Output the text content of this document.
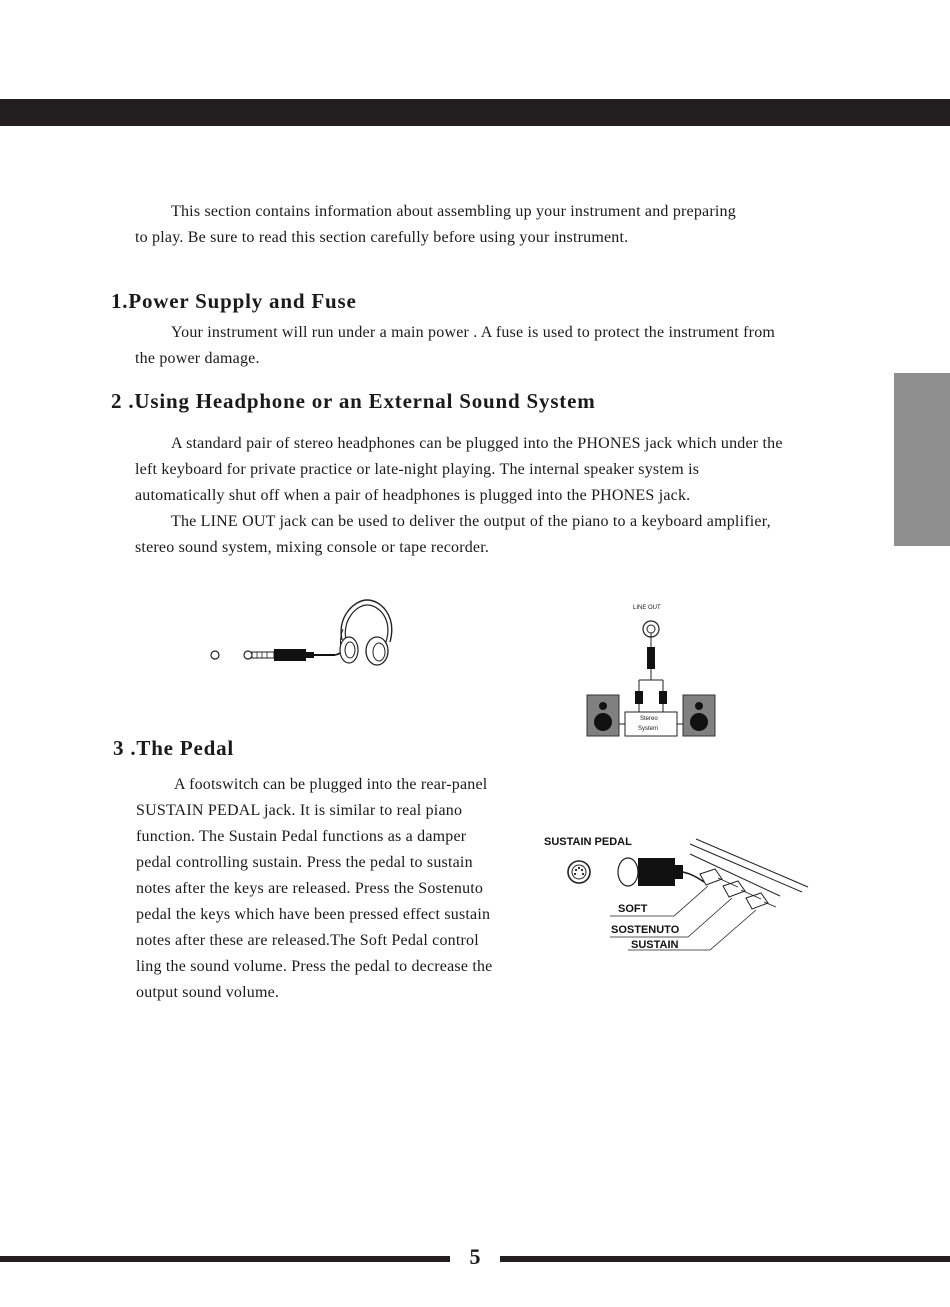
This section contains information about assembling up your instrument and preparing
to play. Be sure to read this section carefully before using your instrument.

1.Power Supply and Fuse

Your instrument will run under a main power . A fuse is used to protect the instrument from
the power damage.

2 .Using Headphone or an External Sound System

A standard pair of stereo headphones can be plugged into the PHONES jack which under the
left keyboard for private practice or late-night playing. The internal speaker system is
automatically shut off when a pair of headphones is plugged into the PHONES jack.

The LINE OUT jack can be used to deliver the output of the piano to a keyboard amplifier,
stereo sound system, mixing console or tape recorder.

LINE OUT
Stereo
System
3 .The Pedal

A footswitch can be plugged into the rear-panel
SUSTAIN PEDAL jack. It is similar to real piano
function. The Sustain Pedal functions as a damper
pedal controlling sustain. Press the pedal to sustain
notes after the keys are released. Press the Sostenuto
pedal the keys which have been pressed effect sustain
notes after these are released.The Soft Pedal control
ling the sound volume. Press the pedal to decrease the
output sound volume.

SUSTAIN PEDAL
SOFT
SOSTENUTO
SUSTAIN
5
